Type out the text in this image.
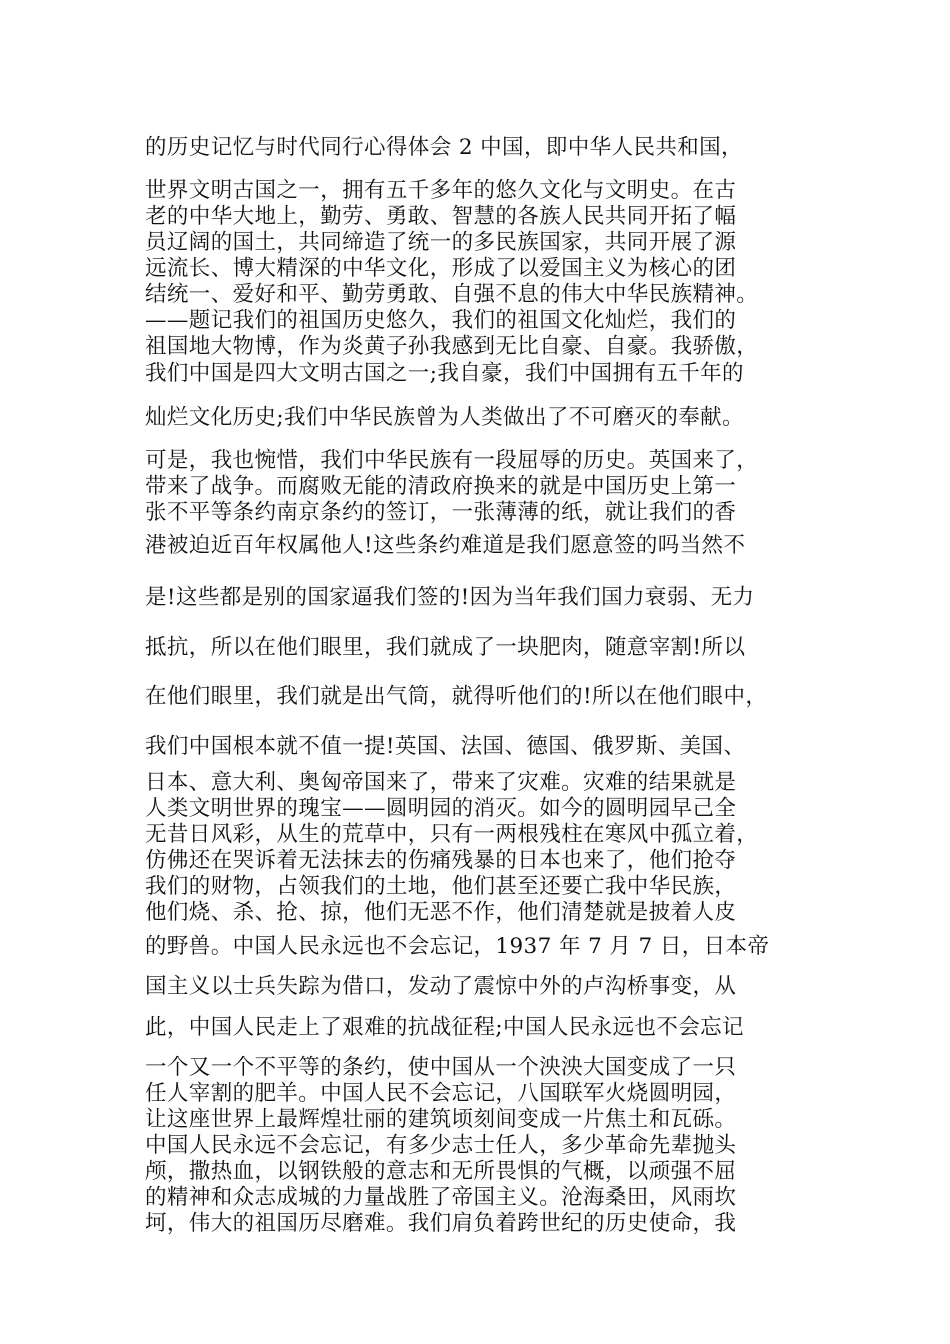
的历史记忆与时代同行心得体会 2 中国，即中华人民共和国，
世界文明古国之一，拥有五千多年的悠久文化与文明史。在古
老的中华大地上，勤劳、勇敢、智慧的各族人民共同开拓了幅
员辽阔的国土，共同缔造了统一的多民族国家，共同开展了源
远流长、博大精深的中华文化，形成了以爱国主义为核心的团
结统一、爱好和平、勤劳勇敢、自强不息的伟大中华民族精神。
——题记我们的祖国历史悠久，我们的祖国文化灿烂，我们的
祖国地大物博，作为炎黄子孙我感到无比自豪、自豪。我骄傲，
我们中国是四大文明古国之一;我自豪，我们中国拥有五千年的
灿烂文化历史;我们中华民族曾为人类做出了不可磨灭的奉献。
可是，我也惋惜，我们中华民族有一段屈辱的历史。英国来了，
带来了战争。而腐败无能的清政府换来的就是中国历史上第一
张不平等条约南京条约的签订，一张薄薄的纸，就让我们的香
港被迫近百年权属他人!这些条约难道是我们愿意签的吗当然不
是!这些都是别的国家逼我们签的!因为当年我们国力衰弱、无力
抵抗，所以在他们眼里，我们就成了一块肥肉，随意宰割!所以
在他们眼里，我们就是出气筒，就得听他们的!所以在他们眼中，
我们中国根本就不值一提!英国、法国、德国、俄罗斯、美国、
日本、意大利、奥匈帝国来了，带来了灾难。灾难的结果就是
人类文明世界的瑰宝——圆明园的消灭。如今的圆明园早己全
无昔日风彩，从生的荒草中，只有一两根残柱在寒风中孤立着，
仿佛还在哭诉着无法抹去的伤痛残暴的日本也来了，他们抢夺
我们的财物，占领我们的土地，他们甚至还要亡我中华民族，
他们烧、杀、抢、掠，他们无恶不作，他们清楚就是披着人皮
的野兽。中国人民永远也不会忘记，1937 年 7 月 7 日，日本帝
国主义以士兵失踪为借口，发动了震惊中外的卢沟桥事变，从
此，中国人民走上了艰难的抗战征程;中国人民永远也不会忘记
一个又一个不平等的条约，使中国从一个泱泱大国变成了一只
任人宰割的肥羊。中国人民不会忘记，八国联军火烧圆明园，
让这座世界上最辉煌壮丽的建筑顷刻间变成一片焦土和瓦砾。
中国人民永远不会忘记，有多少志士任人，多少革命先辈抛头
颅，撒热血，以钢铁般的意志和无所畏惧的气概，以顽强不屈
的精神和众志成城的力量战胜了帝国主义。沧海桑田，风雨坎
坷，伟大的祖国历尽磨难。我们肩负着跨世纪的历史使命，我
